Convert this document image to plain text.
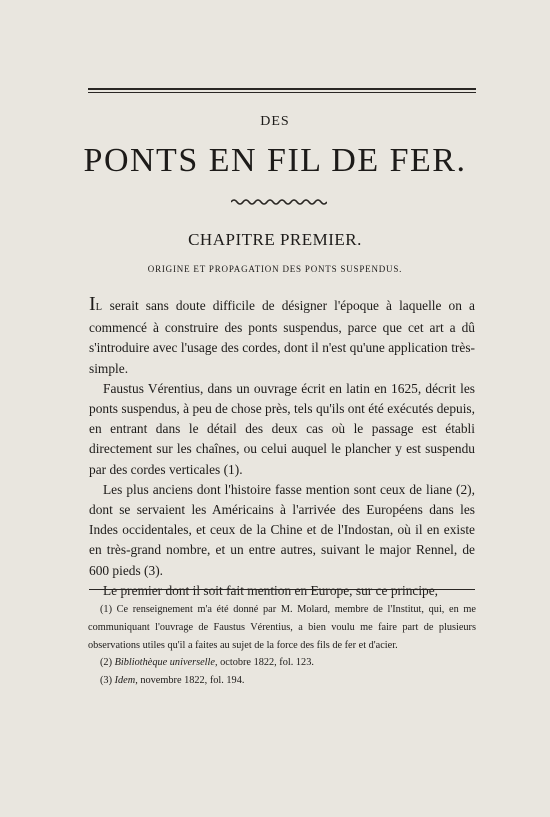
DES
PONTS EN FIL DE FER.
CHAPITRE PREMIER.
ORIGINE ET PROPAGATION DES PONTS SUSPENDUS.

IL serait sans doute difficile de désigner l'époque à laquelle on a commencé à construire des ponts suspendus, parce que cet art a dû s'introduire avec l'usage des cordes, dont il n'est qu'une application très-simple.

Faustus Vérentius, dans un ouvrage écrit en latin en 1625, décrit les ponts suspendus, à peu de chose près, tels qu'ils ont été exécutés depuis, en entrant dans le détail des deux cas où le passage est établi directement sur les chaînes, ou celui auquel le plancher y est suspendu par des cordes verticales (1).

Les plus anciens dont l'histoire fasse mention sont ceux de liane (2), dont se servaient les Américains à l'arrivée des Européens dans les Indes occidentales, et ceux de la Chine et de l'Indostan, où il en existe en très-grand nombre, et un entre autres, suivant le major Rennel, de 600 pieds (3).

Le premier dont il soit fait mention en Europe, sur ce principe,

(1) Ce renseignement m'a été donné par M. Molard, membre de l'Institut, qui, en me communiquant l'ouvrage de Faustus Vérentius, a bien voulu me faire part de plusieurs observations utiles qu'il a faites au sujet de la force des fils de fer et d'acier.

(2) Bibliothèque universelle, octobre 1822, fol. 123.

(3) Idem, novembre 1822, fol. 194.
